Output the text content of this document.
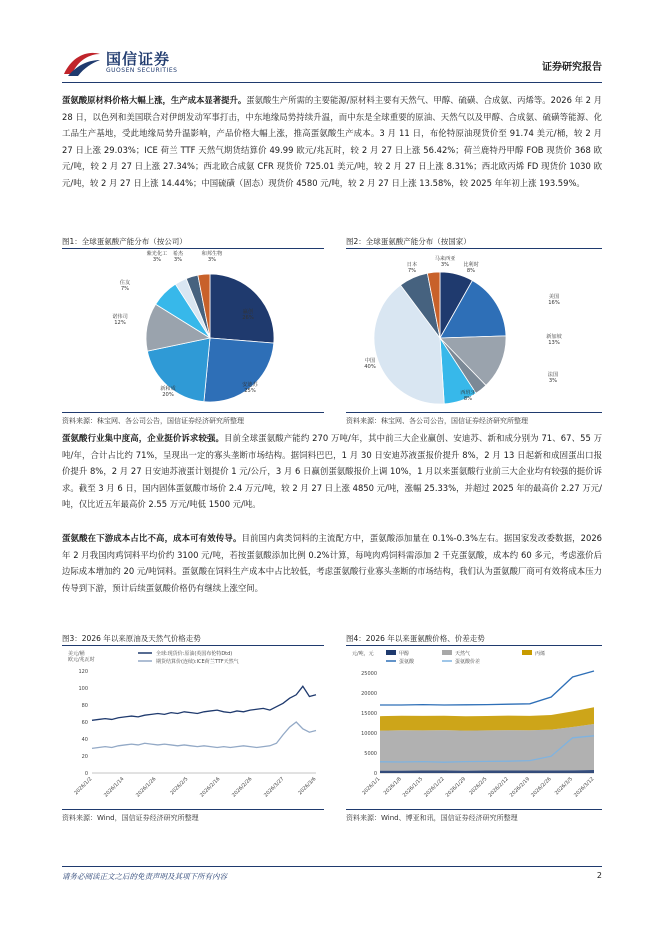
国信证券
GUOSEN SECURITIES	证券研究报告
蛋氨酸原材料价格大幅上涨，生产成本显著提升。蛋氨酸生产所需的主要能源/原材料主要有天然气、甲醇、硫磺、合成氨、丙烯等。2026 年 2 月 28 日，以色列和美国联合对伊朗发动军事打击，中东地缘局势持续升温，而中东是全球重要的原油、天然气以及甲醇、合成氨、硫磺等能源、化工品生产基地，受此地缘局势升温影响，产品价格大幅上涨，推高蛋氨酸生产成本。3 月 11 日，布伦特原油现货价至 91.74 美元/桶，较 2 月 27 日上涨 29.03%；ICE 荷兰 TTF 天然气期货结算价 49.99 欧元/兆瓦时，较 2 月 27 日上涨 56.42%；荷兰鹿特丹甲醇 FOB 现货价 368 欧元/吨，较 2 月 27 日上涨 27.34%；西北欧合成氨 CFR 现货价 725.01 美元/吨，较 2 月 27 日上涨 8.31%；西北欧丙烯 FD 现货价 1030 欧元/吨，较 2 月 27 日上涨 14.44%；中国硫磺（固态）现货价 4580 元/吨，较 2 月 27 日上涨 13.58%，较 2025 年年初上涨 193.59%。
图1：全球蛋氨酸产能分布（按公司）
赢创
26%
安迪苏
25%
新和成
20%
诺伟司
12%
住友
7%
紫光化工
3%
希杰
3%
和邦生物
3%
资料来源：秣宝网、各公司公告，国信证券经济研究所整理
图2：全球蛋氨酸产能分布（按国家）
比利时
8%
美国
16%
新加坡
13%
法国
3%
西班牙
8%
中国
40%
日本
7%
马来西亚
3%
资料来源：秣宝网、各公司公告，国信证券经济研究所整理
蛋氨酸行业集中度高，企业挺价诉求较强。目前全球蛋氨酸产能约 270 万吨/年，其中前三大企业赢创、安迪苏、新和成分别为 71、67、55 万吨/年，合计占比约 71%，呈现出一定的寡头垄断市场结构。据饲料巴巴，1 月 30 日安迪苏液蛋报价提升 8%，2 月 13 日起新和成固蛋出口报价提升 8%，2 月 27 日安迪苏液蛋计划提价 1 元/公斤，3 月 6 日赢创蛋氨酸报价上调 10%，1 月以来蛋氨酸行业前三大企业均有较强的挺价诉求。截至 3 月 6 日，国内固体蛋氨酸市场价 2.4 万元/吨，较 2 月 27 日上涨 4850 元/吨，涨幅 25.33%，并超过 2025 年的最高价 2.27 万元/吨，仅比近五年最高价 2.55 万元/吨低 1500 元/吨。
蛋氨酸在下游成本占比不高，成本可有效传导。目前国内禽类饲料的主流配方中，蛋氨酸添加量在 0.1%-0.3%左右。据国家发改委数据，2026 年 2 月我国肉鸡饲料平均价约 3100 元/吨，若按蛋氨酸添加比例 0.2%计算，每吨肉鸡饲料需添加 2 千克蛋氨酸，成本约 60 多元，考虑涨价后边际成本增加约 20 元/吨饲料。蛋氨酸在饲料生产成本中占比较低，考虑蛋氨酸行业寡头垄断的市场结构，我们认为蛋氨酸厂商可有效将成本压力传导到下游，预计后续蛋氨酸价格仍有继续上涨空间。
图3：2026 年以来原油及天然气价格走势
美元/桶
欧元/兆瓦时
0
20
40
60
80
100
120
全球:现货价:原油(英国布伦特Dtd)
期货结算价(连续):ICE荷兰TTF天然气
2026/1/2 2026/1/14 2026/1/26 2026/2/5 2026/2/16 2026/2/26 2026/3/27 2026/3/6
资料来源：Wind，国信证券经济研究所整理
图4：2026 年以来蛋氨酸价格、价差走势
元/吨，元
0
5000
10000
15000
20000
25000
甲醇	天然气	丙烯
蛋氨酸	蛋氨酸价差
2026/1/1 2026/1/8 2026/1/15 2026/1/22 2026/1/29 2026/2/5 2026/2/12 2026/2/19 2026/2/26 2026/3/5 2026/3/12
资料来源：Wind、博亚和讯，国信证券经济研究所整理
请务必阅读正文之后的免责声明及其项下所有内容	2
